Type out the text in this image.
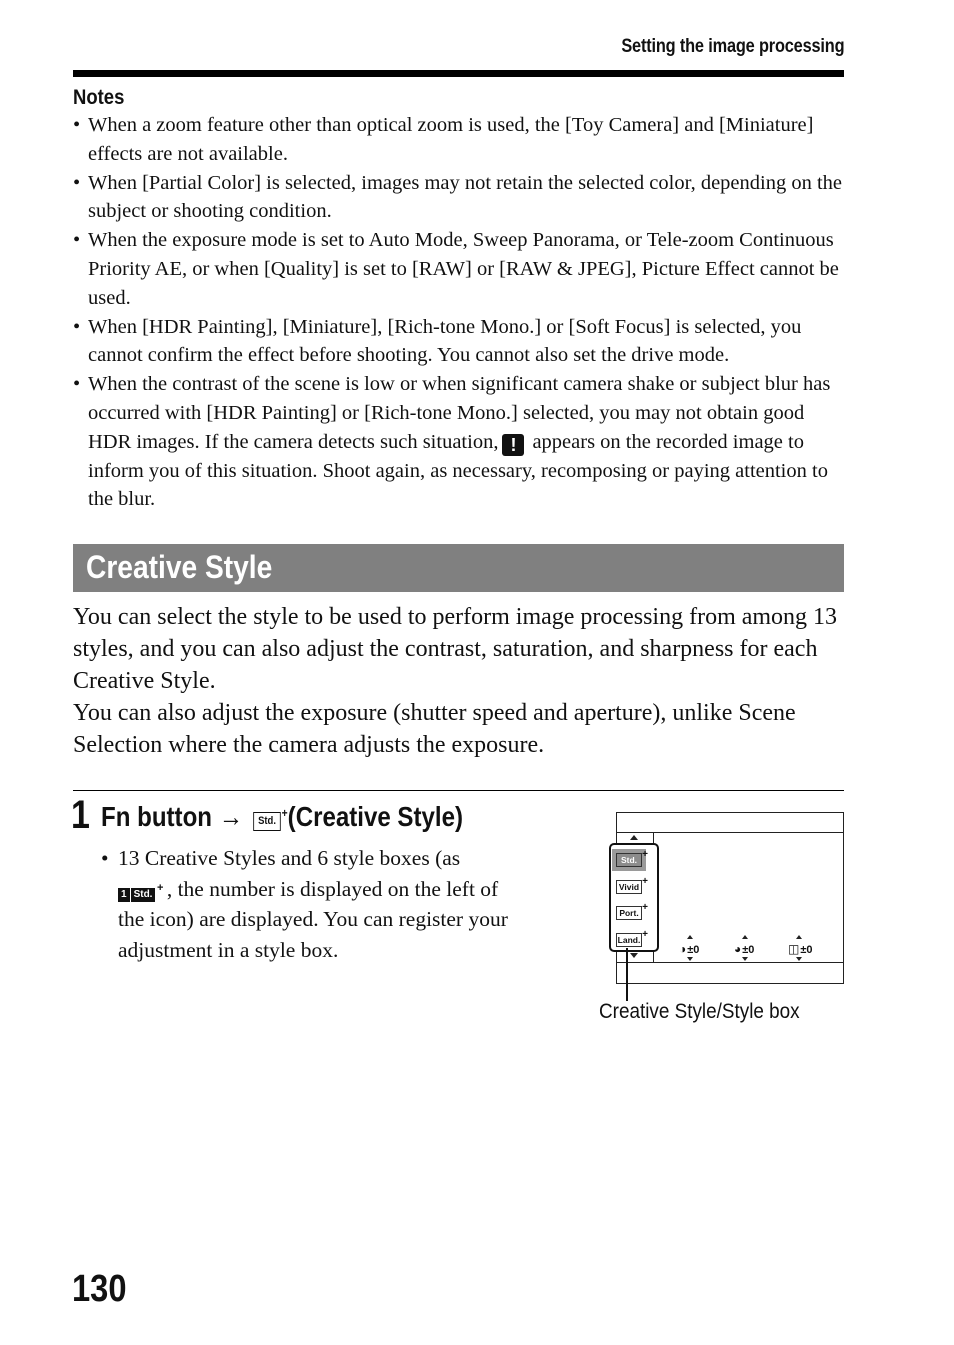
Setting the image processing
Notes
• When a zoom feature other than optical zoom is used, the [Toy Camera] and [Miniature] effects are not available.
• When [Partial Color] is selected, images may not retain the selected color, depending on the subject or shooting condition.
• When the exposure mode is set to Auto Mode, Sweep Panorama, or Tele-zoom Continuous Priority AE, or when [Quality] is set to [RAW] or [RAW & JPEG], Picture Effect cannot be used.
• When [HDR Painting], [Miniature], [Rich-tone Mono.] or [Soft Focus] is selected, you cannot confirm the effect before shooting. You cannot also set the drive mode.
• When the contrast of the scene is low or when significant camera shake or subject blur has occurred with [HDR Painting] or [Rich-tone Mono.] selected, you may not obtain good HDR images. If the camera detects such situation, ! appears on the recorded image to inform you of this situation. Shoot again, as necessary, recomposing or paying attention to the blur.
Creative Style

You can select the style to be used to perform image processing from among 13 styles, and you can also adjust the contrast, saturation, and sharpness for each Creative Style.

You can also adjust the exposure (shutter speed and aperture), unlike Scene Selection where the camera adjusts the exposure.

1 Fn button → Std. + (Creative Style)
• 13 Creative Styles and 6 style boxes (as
1 Std. + , the number is displayed on the left of the icon) are displayed. You can register your adjustment in a style box.
Std. +
Vivid +
Port. +
Land. +
◑±0	◕±0	◫±0
Creative Style/Style box
130
